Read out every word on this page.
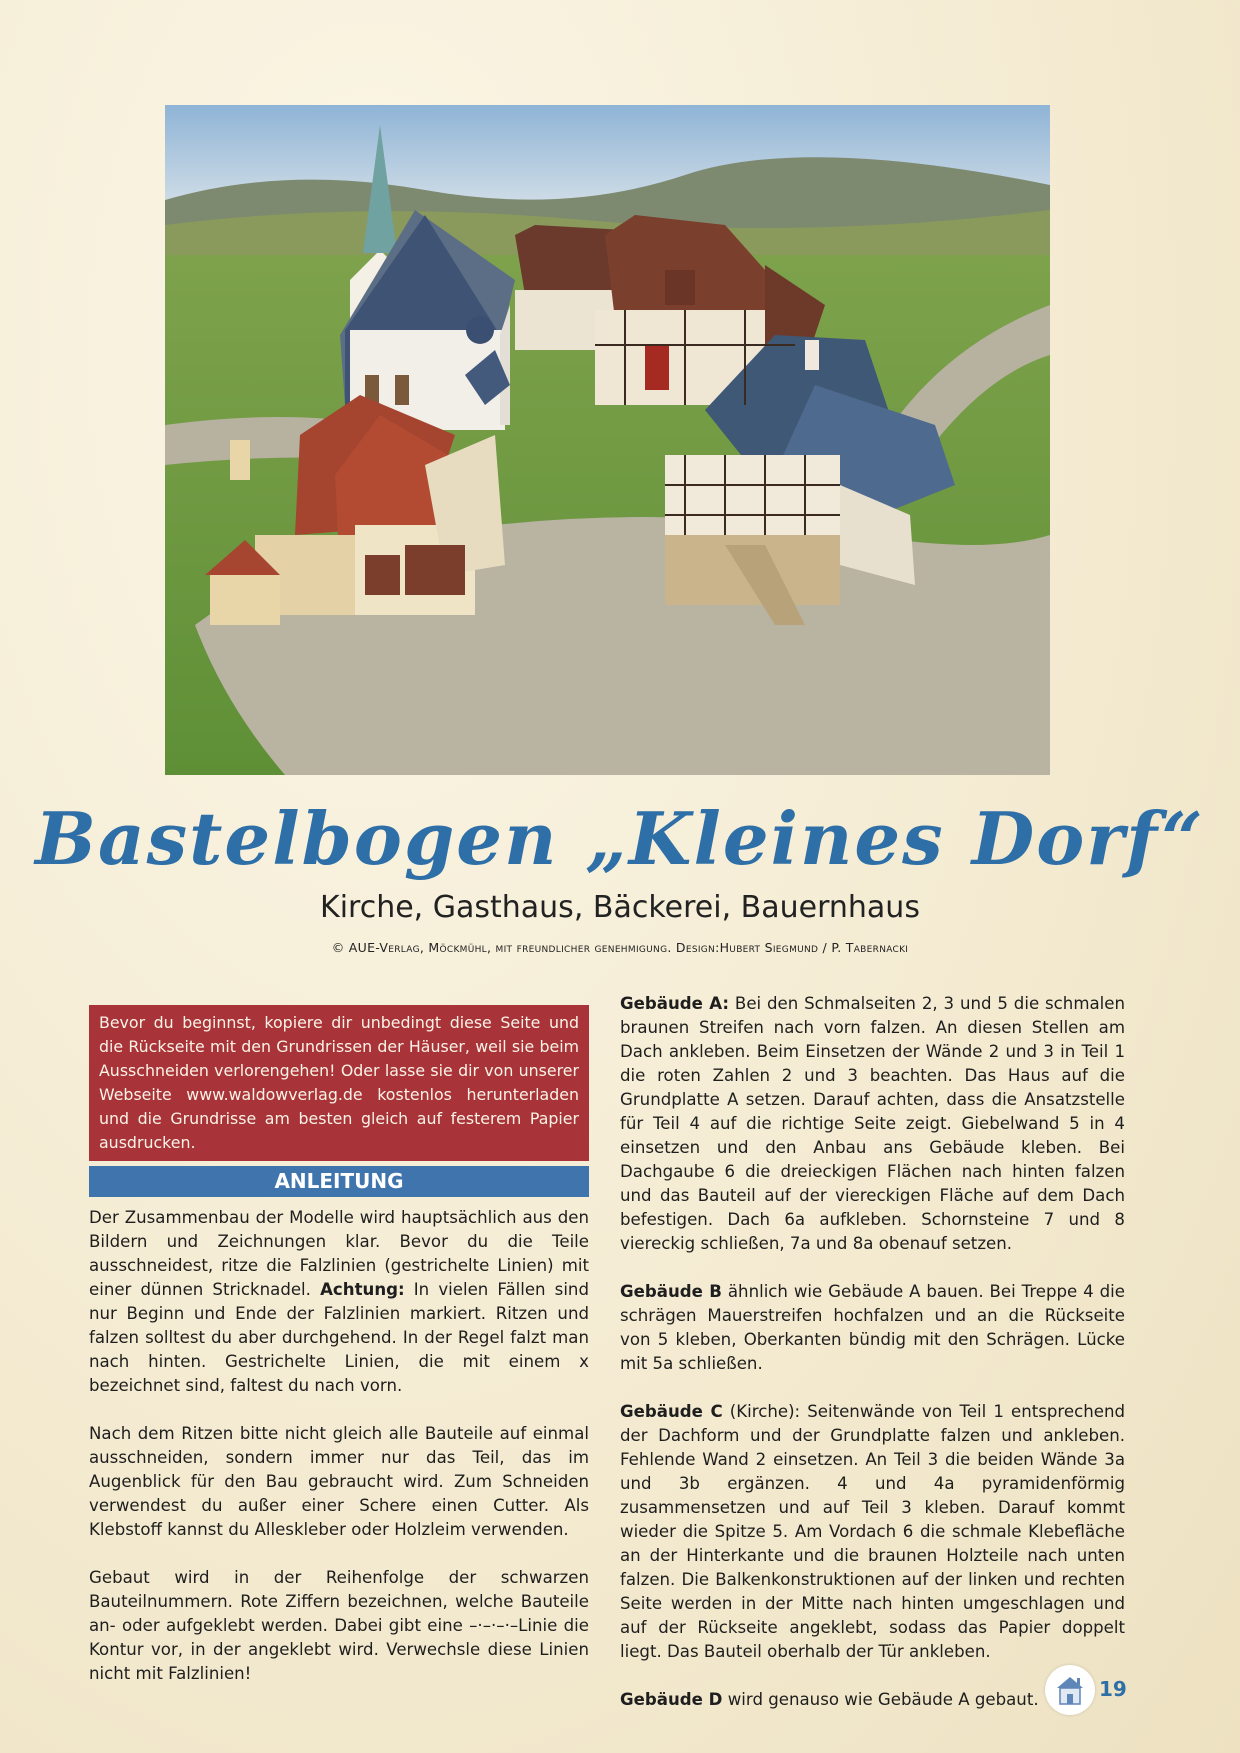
Bastelbogen „Kleines Dorf“
Kirche, Gasthaus, Bäckerei, Bauernhaus
© AUE-Verlag, Möckmühl, mit freundlicher genehmigung. Design:Hubert Siegmund / P. Tabernacki
Bevor du beginnst, kopiere dir unbedingt diese Seite und die Rückseite mit den Grundrissen der Häuser, weil sie beim Ausschneiden verlorengehen! Oder lasse sie dir von unserer Webseite www.waldowverlag.de kostenlos herunterladen und die Grundrisse am besten gleich auf festerem Papier ausdrucken.
ANLEITUNG

Der Zusammenbau der Modelle wird hauptsächlich aus den Bildern und Zeichnungen klar. Bevor du die Teile ausschneidest, ritze die Falzlinien (gestrichelte Linien) mit einer dünnen Stricknadel. Achtung: In vielen Fällen sind nur Beginn und Ende der Falzlinien markiert. Ritzen und falzen solltest du aber durchgehend. In der Regel falzt man nach hinten. Gestrichelte Linien, die mit einem x bezeichnet sind, faltest du nach vorn.

Nach dem Ritzen bitte nicht gleich alle Bauteile auf einmal ausschneiden, sondern immer nur das Teil, das im Augenblick für den Bau gebraucht wird. Zum Schneiden verwendest du außer einer Schere einen Cutter. Als Klebstoff kannst du Alleskleber oder Holzleim verwenden.

Gebaut wird in der Reihenfolge der schwarzen Bauteilnummern. Rote Ziffern bezeichnen, welche Bauteile an- oder aufgeklebt werden. Dabei gibt eine –·–·–·–Linie die Kontur vor, in der angeklebt wird. Verwechsle diese Linien nicht mit Falzlinien!

Gebäude A: Bei den Schmalseiten 2, 3 und 5 die schmalen braunen Streifen nach vorn falzen. An diesen Stellen am Dach ankleben. Beim Einsetzen der Wände 2 und 3 in Teil 1 die roten Zahlen 2 und 3 beachten. Das Haus auf die Grundplatte A setzen. Darauf achten, dass die Ansatzstelle für Teil 4 auf die richtige Seite zeigt. Giebelwand 5 in 4 einsetzen und den Anbau ans Gebäude kleben. Bei Dachgaube 6 die dreieckigen Flächen nach hinten falzen und das Bauteil auf der viereckigen Fläche auf dem Dach befestigen. Dach 6a aufkleben. Schornsteine 7 und 8 viereckig schließen, 7a und 8a obenauf setzen.

Gebäude B ähnlich wie Gebäude A bauen. Bei Treppe 4 die schrägen Mauerstreifen hochfalzen und an die Rückseite von 5 kleben, Oberkanten bündig mit den Schrägen. Lücke mit 5a schließen.

Gebäude C (Kirche): Seitenwände von Teil 1 entsprechend der Dachform und der Grundplatte falzen und ankleben. Fehlende Wand 2 einsetzen. An Teil 3 die beiden Wände 3a und 3b ergänzen. 4 und 4a pyramidenförmig zusammensetzen und auf Teil 3 kleben. Darauf kommt wieder die Spitze 5. Am Vordach 6 die schmale Klebefläche an der Hinterkante und die braunen Holzteile nach unten falzen. Die Balkenkonstruktionen auf der linken und rechten Seite werden in der Mitte nach hinten umgeschlagen und auf der Rückseite angeklebt, sodass das Papier doppelt liegt. Das Bauteil oberhalb der Tür ankleben.

Gebäude D wird genauso wie Gebäude A gebaut.	19
